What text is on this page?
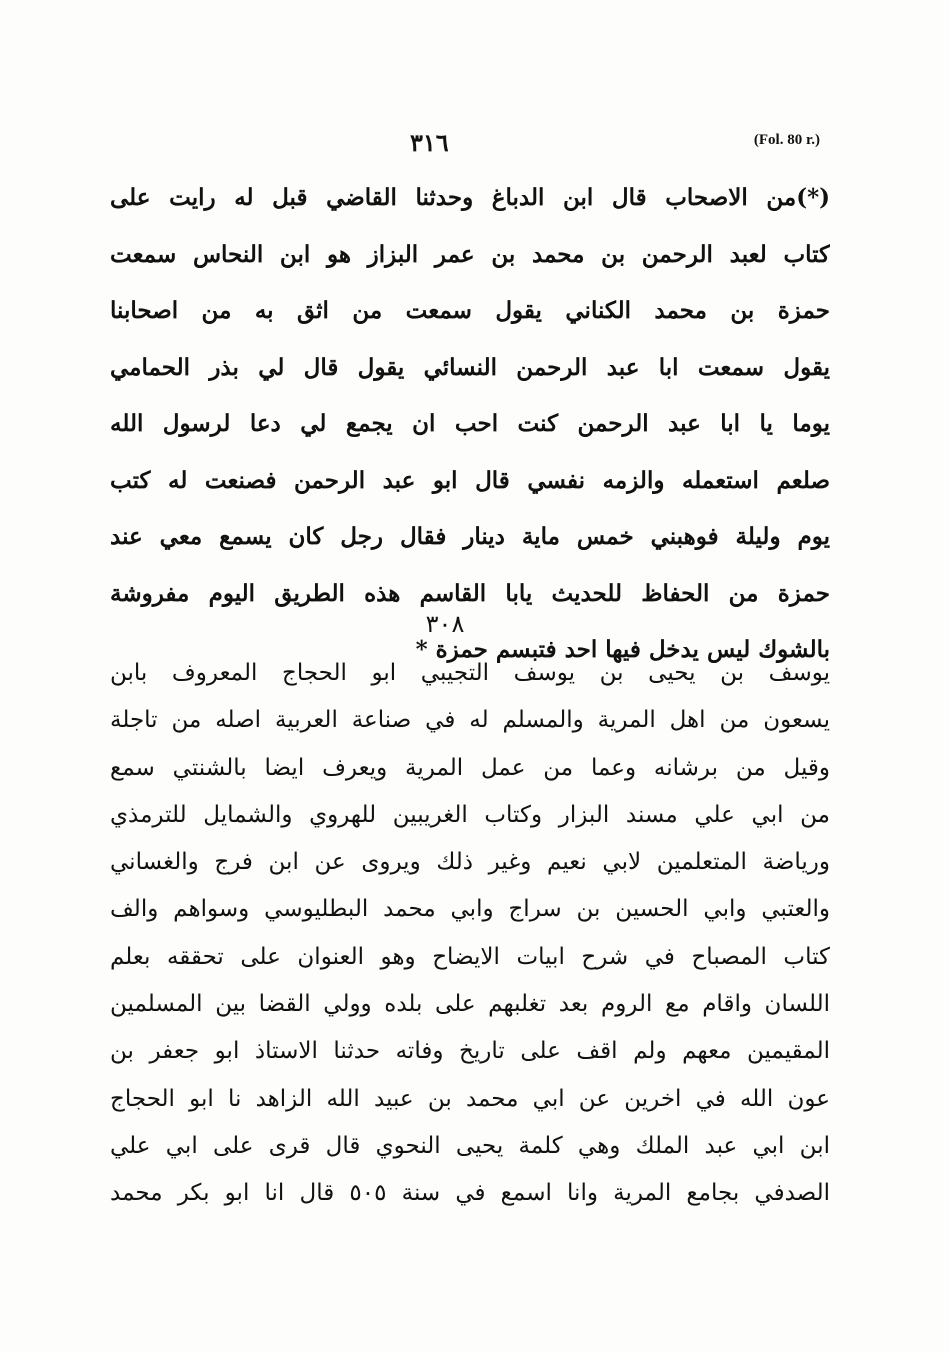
٣١٦	(Fol. 80 r.)
(*)من الاصحاب قال ابن الدباغ وحدثنا القاضي قبل له رايت على
كتاب لعبد الرحمن بن محمد بن عمر البزاز هو ابن النحاس سمعت
حمزة بن محمد الكناني يقول سمعت من اثق به من اصحابنا
يقول سمعت ابا عبد الرحمن النسائي يقول قال لي بذر الحمامي
يوما يا ابا عبد الرحمن كنت احب ان يجمع لي دعا لرسول الله
صلعم استعمله والزمه نفسي قال ابو عبد الرحمن فصنعت له كتب
يوم وليلة فوهبني خمس ماية دينار فقال رجل كان يسمع معي عند
حمزة من الحفاظ للحديث يابا القاسم هذه الطريق اليوم مفروشة
بالشوك ليس يدخل فيها احد فتبسم حمزة *
٣٠٨
يوسف بن يحيى بن يوسف التجيبي ابو الحجاج المعروف بابن
يسعون من اهل المرية والمسلم له في صناعة العربية اصله من تاجلة
وقيل من برشانه وعما من عمل المرية ويعرف ايضا بالشنتي سمع
من ابي علي مسند البزار وكتاب الغريبين للهروي والشمايل للترمذي
ورياضة المتعلمين لابي نعيم وغير ذلك ويروى عن ابن فرج والغساني
والعتبي وابي الحسين بن سراج وابي محمد البطليوسي وسواهم والف
كتاب المصباح في شرح ابيات الايضاح وهو العنوان على تحققه بعلم
اللسان واقام مع الروم بعد تغلبهم على بلده وولي القضا بين المسلمين
المقيمين معهم ولم اقف على تاريخ وفاته حدثنا الاستاذ ابو جعفر بن
عون الله في اخرين عن ابي محمد بن عبيد الله الزاهد نا ابو الحجاج
ابن ابي عبد الملك وهي كلمة يحيى النحوي قال قرى على ابي علي
الصدفي بجامع المرية وانا اسمع في سنة ٥٠٥ قال انا ابو بكر محمد
